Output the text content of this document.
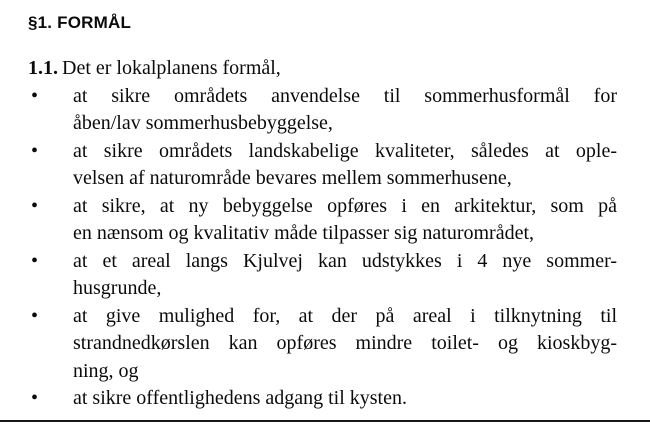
§1. FORMÅL
1.1. Det er lokalplanens formål,
• at sikre områdets anvendelse til sommerhusformål for
åben/lav sommerhusbebyggelse,
• at sikre områdets landskabelige kvaliteter, således at ople-
velsen af naturområde bevares mellem sommerhusene,
• at sikre, at ny bebyggelse opføres i en arkitektur, som på
en nænsom og kvalitativ måde tilpasser sig naturområdet,
• at et areal langs Kjulvej kan udstykkes i 4 nye sommer-
husgrunde,
• at give mulighed for, at der på areal i tilknytning til
strandnedkørslen kan opføres mindre toilet- og kioskbyg-
ning, og
• at sikre offentlighedens adgang til kysten.
